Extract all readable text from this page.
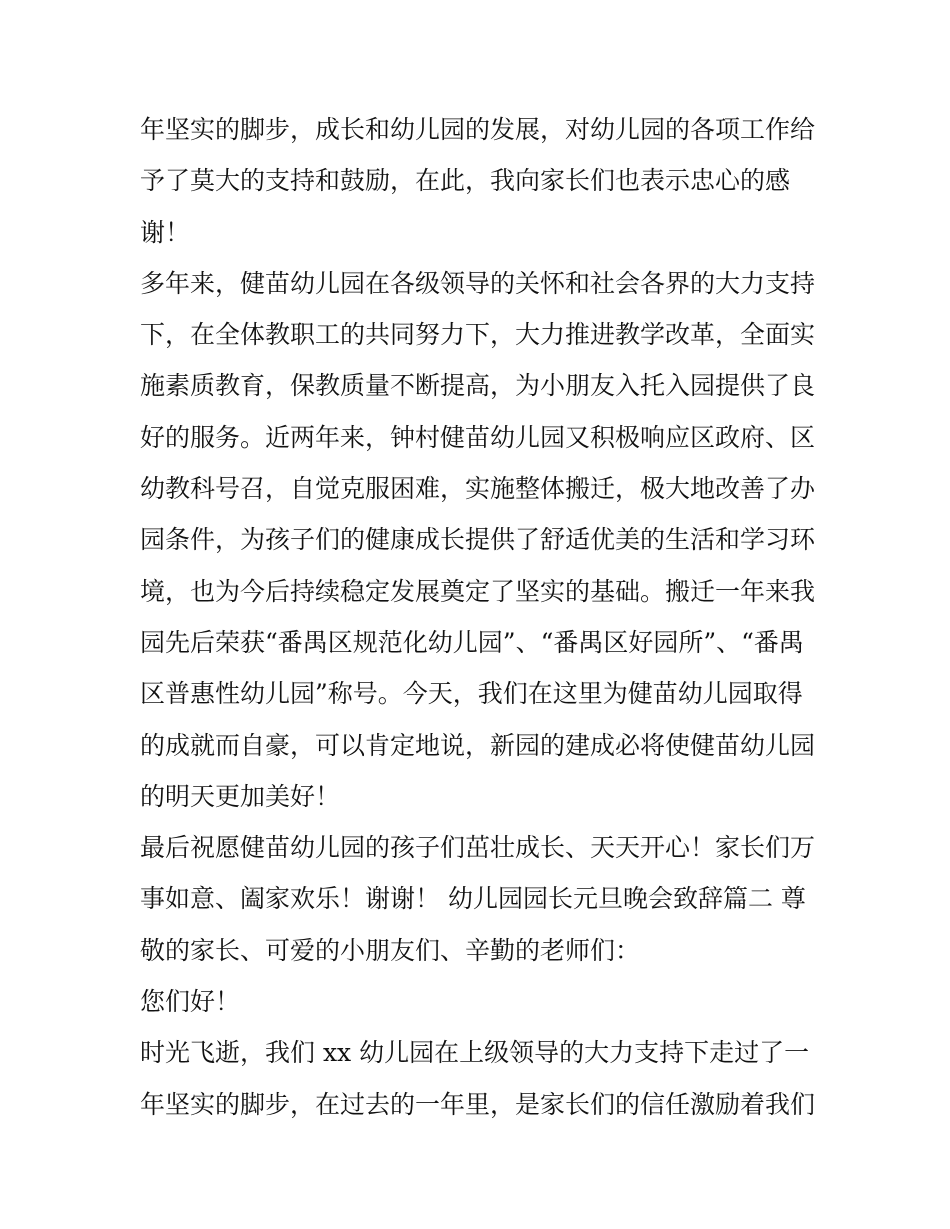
年坚实的脚步，成长和幼儿园的发展，对幼儿园的各项工作给
予了莫大的支持和鼓励，在此，我向家长们也表示忠心的感
谢！
多年来，健苗幼儿园在各级领导的关怀和社会各界的大力支持
下，在全体教职工的共同努力下，大力推进教学改革，全面实
施素质教育，保教质量不断提高，为小朋友入托入园提供了良
好的服务。近两年来，钟村健苗幼儿园又积极响应区政府、区
幼教科号召，自觉克服困难，实施整体搬迁，极大地改善了办
园条件，为孩子们的健康成长提供了舒适优美的生活和学习环
境，也为今后持续稳定发展奠定了坚实的基础。搬迁一年来我
园先后荣获“番禺区规范化幼儿园”、“番禺区好园所”、“番禺
区普惠性幼儿园”称号。今天，我们在这里为健苗幼儿园取得
的成就而自豪，可以肯定地说，新园的建成必将使健苗幼儿园
的明天更加美好！
最后祝愿健苗幼儿园的孩子们茁壮成长、天天开心！家长们万
事如意、阖家欢乐！谢谢！ 幼儿园园长元旦晚会致辞篇二 尊
敬的家长、可爱的小朋友们、辛勤的老师们：
您们好！
时光飞逝，我们 xx 幼儿园在上级领导的大力支持下走过了一
年坚实的脚步，在过去的一年里，是家长们的信任激励着我们
